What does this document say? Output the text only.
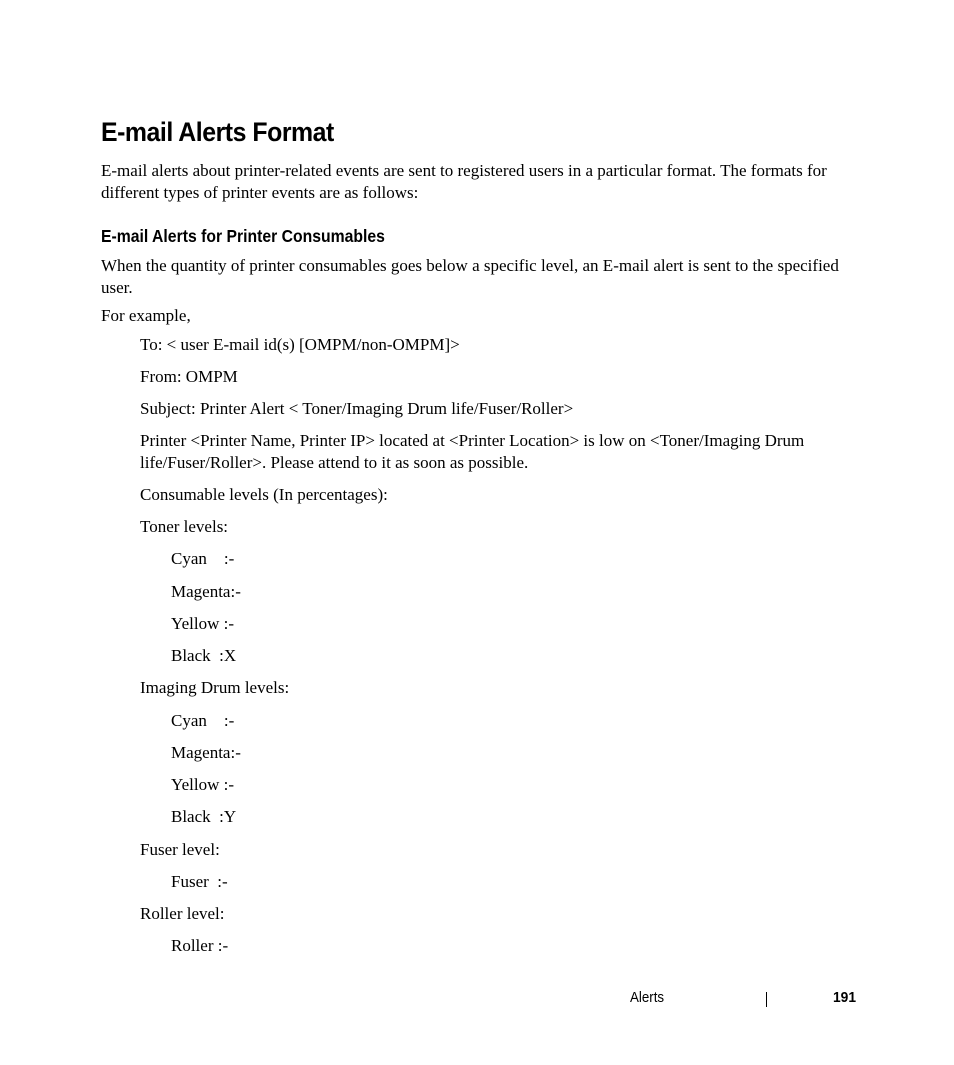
E-mail Alerts Format

E-mail alerts about printer-related events are sent to registered users in a particular format. The formats for different types of printer events are as follows:

E-mail Alerts for Printer Consumables

When the quantity of printer consumables goes below a specific level, an E-mail alert is sent to the specified user.

For example,

To: < user E-mail id(s) [OMPM/non-OMPM]>

From: OMPM

Subject: Printer Alert < Toner/Imaging Drum life/Fuser/Roller>

Printer <Printer Name, Printer IP> located at <Printer Location> is low on <Toner/Imaging Drum life/Fuser/Roller>. Please attend to it as soon as possible.

Consumable levels (In percentages):

Toner levels:

Cyan    :-
Magenta:-
Yellow :-
Black  :X

Imaging Drum levels:

Cyan    :-
Magenta:-
Yellow :-
Black  :Y

Fuser level:

Fuser  :-

Roller level:

Roller :-
Alerts	191
